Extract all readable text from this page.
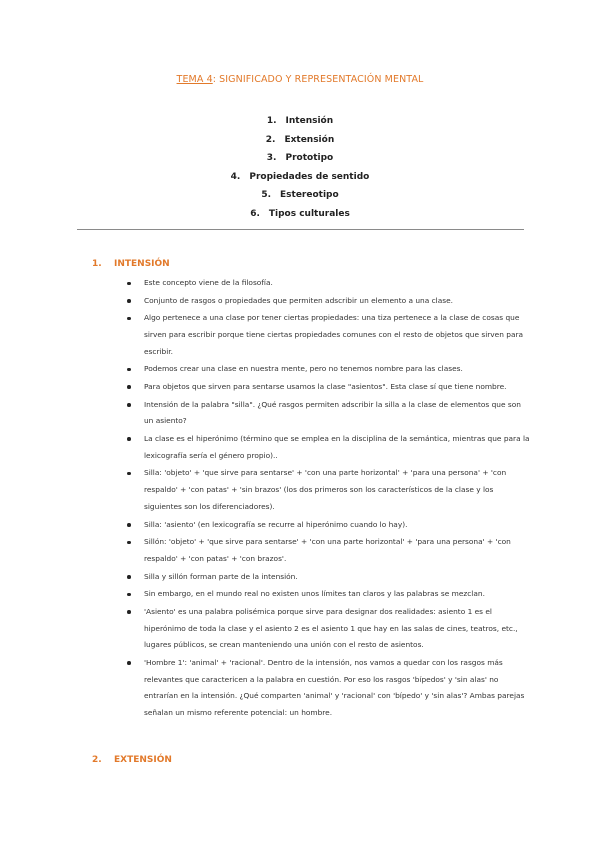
TEMA 4: SIGNIFICADO Y REPRESENTACIÓN MENTAL
1. Intensión
2. Extensión
3. Prototipo
4. Propiedades de sentido
5. Estereotipo
6. Tipos culturales
1. INTENSIÓN
Este concepto viene de la filosofía.
Conjunto de rasgos o propiedades que permiten adscribir un elemento a una clase.
Algo pertenece a una clase por tener ciertas propiedades: una tiza pertenece a la clase de cosas que sirven para escribir porque tiene ciertas propiedades comunes con el resto de objetos que sirven para escribir.
Podemos crear una clase en nuestra mente, pero no tenemos nombre para las clases.
Para objetos que sirven para sentarse usamos la clase "asientos". Esta clase sí que tiene nombre.
Intensión de la palabra "silla". ¿Qué rasgos permiten adscribir la silla a la clase de elementos que son un asiento?
La clase es el hiperónimo (término que se emplea en la disciplina de la semántica, mientras que para la lexicografía sería el género propio)..
Silla: 'objeto' + 'que sirve para sentarse' + 'con una parte horizontal' + 'para una persona' + 'con respaldo' + 'con patas' + 'sin brazos' (los dos primeros son los característicos de la clase y los siguientes son los diferenciadores).
Silla: 'asiento' (en lexicografía se recurre al hiperónimo cuando lo hay).
Sillón: 'objeto' + 'que sirve para sentarse' + 'con una parte horizontal' + 'para una persona' + 'con respaldo' + 'con patas' + 'con brazos'.
Silla y sillón forman parte de la intensión.
Sin embargo, en el mundo real no existen unos límites tan claros y las palabras se mezclan.
'Asiento' es una palabra polisémica porque sirve para designar dos realidades: asiento 1 es el hiperónimo de toda la clase y el asiento 2 es el asiento 1 que hay en las salas de cines, teatros, etc., lugares públicos, se crean manteniendo una unión con el resto de asientos.
'Hombre 1': 'animal' + 'racional'. Dentro de la intensión, nos vamos a quedar con los rasgos más relevantes que caractericen a la palabra en cuestión. Por eso los rasgos 'bípedos' y 'sin alas' no entrarían en la intensión. ¿Qué comparten 'animal' y 'racional' con 'bípedo' y 'sin alas'? Ambas parejas señalan un mismo referente potencial: un hombre.
2. EXTENSIÓN
